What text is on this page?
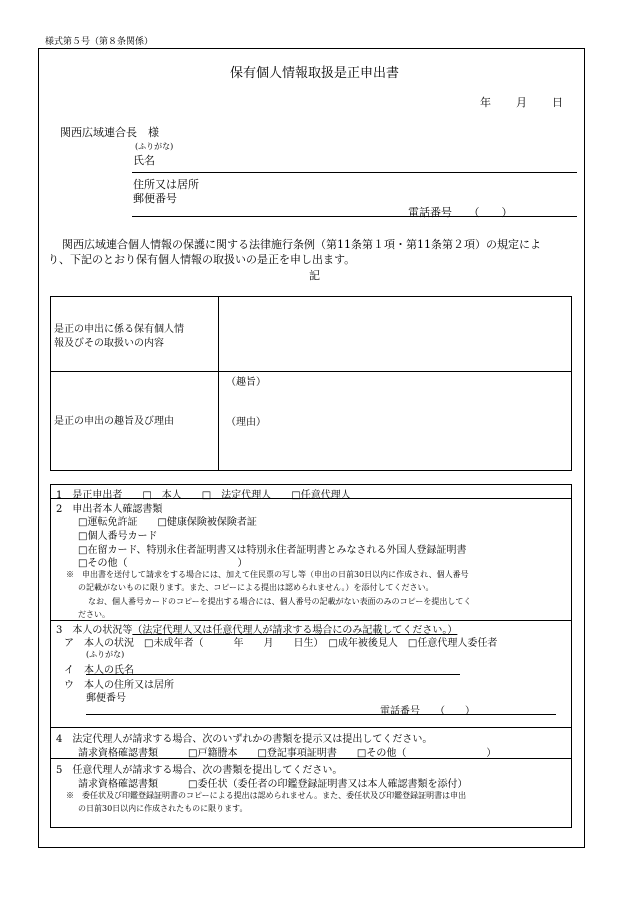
様式第５号（第８条関係）
保有個人情報取扱是正申出書
年 月 日
関西広域連合長　様
(ふりがな)
氏名
住所又は居所
郵便番号
電話番号　　（　　）
関西広域連合個人情報の保護に関する法律施行条例（第11条第１項・第11条第２項）の規定によ
り、下記のとおり保有個人情報の取扱いの是正を申し出ます。
記
是正の申出に係る保有個人情
報及びその取扱いの内容
是正の申出の趣旨及び理由
（趣旨）
（理由）
1　是正申出者　　□　本人　　□　法定代理人　　□任意代理人
2　申出者本人確認書類
□運転免許証　　□健康保険被保険者証
□個人番号カード
□在留カード、特別永住者証明書又は特別永住者証明書とみなされる外国人登録証明書
□その他（　　　　　　　　　　　）
※　申出書を送付して請求をする場合には、加えて住民票の写し等（申出の日前30日以内に作成され、個人番号
の記載がないものに限ります。また、コピーによる提出は認められません。）を添付してください。
なお、個人番号カードのコピーを提出する場合には、個人番号の記載がない表面のみのコピーを提出してく
ださい。
3　本人の状況等（法定代理人又は任意代理人が請求する場合にのみ記載してください。）
ア　本人の状況　□未成年者（　　　年　　月　　日生）　□成年被後見人　□任意代理人委任者
(ふりがな)
イ　本人の氏名
ウ　本人の住所又は居所
郵便番号
電話番号　　（　　）
4　法定代理人が請求する場合、次のいずれかの書類を提示又は提出してください。
請求資格確認書類　　　□戸籍謄本　　□登記事項証明書　　□その他（　　　　　　　　）
5　任意代理人が請求する場合、次の書類を提出してください。
請求資格確認書類　　　□委任状（委任者の印鑑登録証明書又は本人確認書類を添付）
※　委任状及び印鑑登録証明書のコピーによる提出は認められません。また、委任状及び印鑑登録証明書は申出
の日前30日以内に作成されたものに限ります。
